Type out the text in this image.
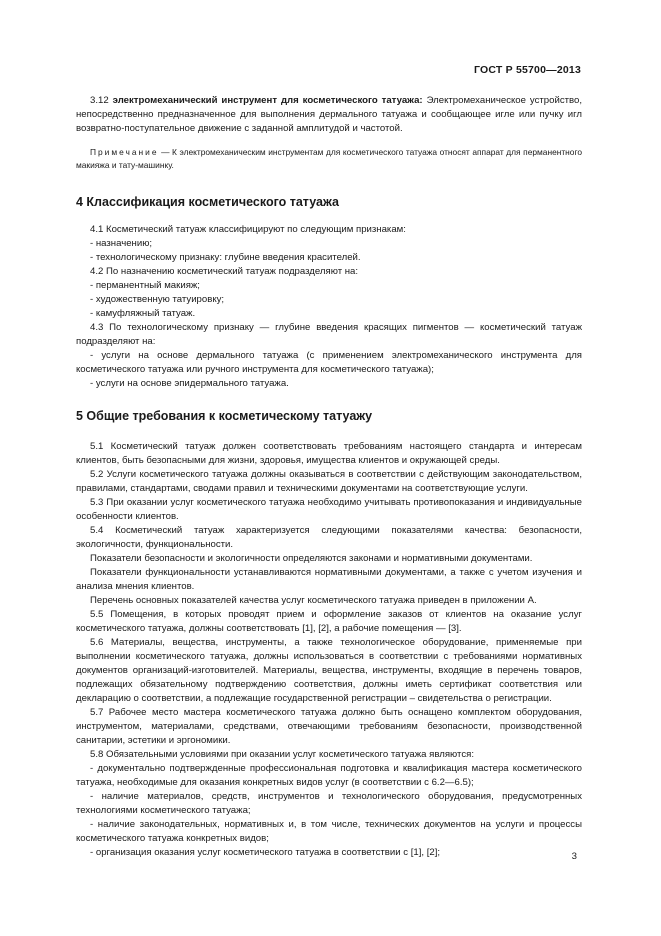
ГОСТ Р 55700—2013

3.12 электромеханический инструмент для косметического татуажа: Электромеханическое устройство, непосредственно предназначенное для выполнения дермального татуажа и сообщающее игле или пучку игл возвратно-поступательное движение с заданной амплитудой и частотой.

Примечание — К электромеханическим инструментам для косметического татуажа относят аппарат для перманентного макияжа и тату-машинку.

4 Классификация косметического татуажа

4.1 Косметический татуаж классифицируют по следующим признакам:

- назначению;

- технологическому признаку: глубине введения красителей.

4.2 По назначению косметический татуаж подразделяют на:

- перманентный макияж;

- художественную татуировку;

- камуфляжный татуаж.

4.3 По технологическому признаку — глубине введения красящих пигментов — косметический татуаж подразделяют на:

- услуги на основе дермального татуажа (с применением электромеханического инструмента для косметического татуажа или ручного инструмента для косметического татуажа);

- услуги на основе эпидермального татуажа.

5 Общие требования к косметическому татуажу

5.1 Косметический татуаж должен соответствовать требованиям настоящего стандарта и интересам клиентов, быть безопасными для жизни, здоровья, имущества клиентов и окружающей среды.

5.2 Услуги косметического татуажа должны оказываться в соответствии с действующим законодательством, правилами, стандартами, сводами правил и техническими документами на соответствующие услуги.

5.3 При оказании услуг косметического татуажа необходимо учитывать противопоказания и индивидуальные особенности клиентов.

5.4 Косметический татуаж характеризуется следующими показателями качества: безопасности, экологичности, функциональности.

Показатели безопасности и экологичности определяются законами и нормативными документами.

Показатели функциональности устанавливаются нормативными документами, а также с учетом изучения и анализа мнения клиентов.

Перечень основных показателей качества услуг косметического татуажа приведен в приложении А.

5.5 Помещения, в которых проводят прием и оформление заказов от клиентов на оказание услуг косметического татуажа, должны соответствовать [1], [2], а рабочие помещения — [3].

5.6 Материалы, вещества, инструменты, а также технологическое оборудование, применяемые при выполнении косметического татуажа, должны использоваться в соответствии с требованиями нормативных документов организаций-изготовителей. Материалы, вещества, инструменты, входящие в перечень товаров, подлежащих обязательному подтверждению соответствия, должны иметь сертификат соответствия или декларацию о соответствии, а подлежащие государственной регистрации – свидетельства о регистрации.

5.7 Рабочее место мастера косметического татуажа должно быть оснащено комплектом оборудования, инструментом, материалами, средствами, отвечающими требованиям безопасности, производственной санитарии, эстетики и эргономики.

5.8 Обязательными условиями при оказании услуг косметического татуажа являются:

- документально подтвержденные профессиональная подготовка и квалификация мастера косметического татуажа, необходимые для оказания конкретных видов услуг (в соответствии с 6.2—6.5);

- наличие материалов, средств, инструментов и технологического оборудования, предусмотренных технологиями косметического татуажа;

- наличие законодательных, нормативных и, в том числе, технических документов на услуги и процессы косметического татуажа конкретных видов;

- организация оказания услуг косметического татуажа в соответствии с [1], [2];	3
